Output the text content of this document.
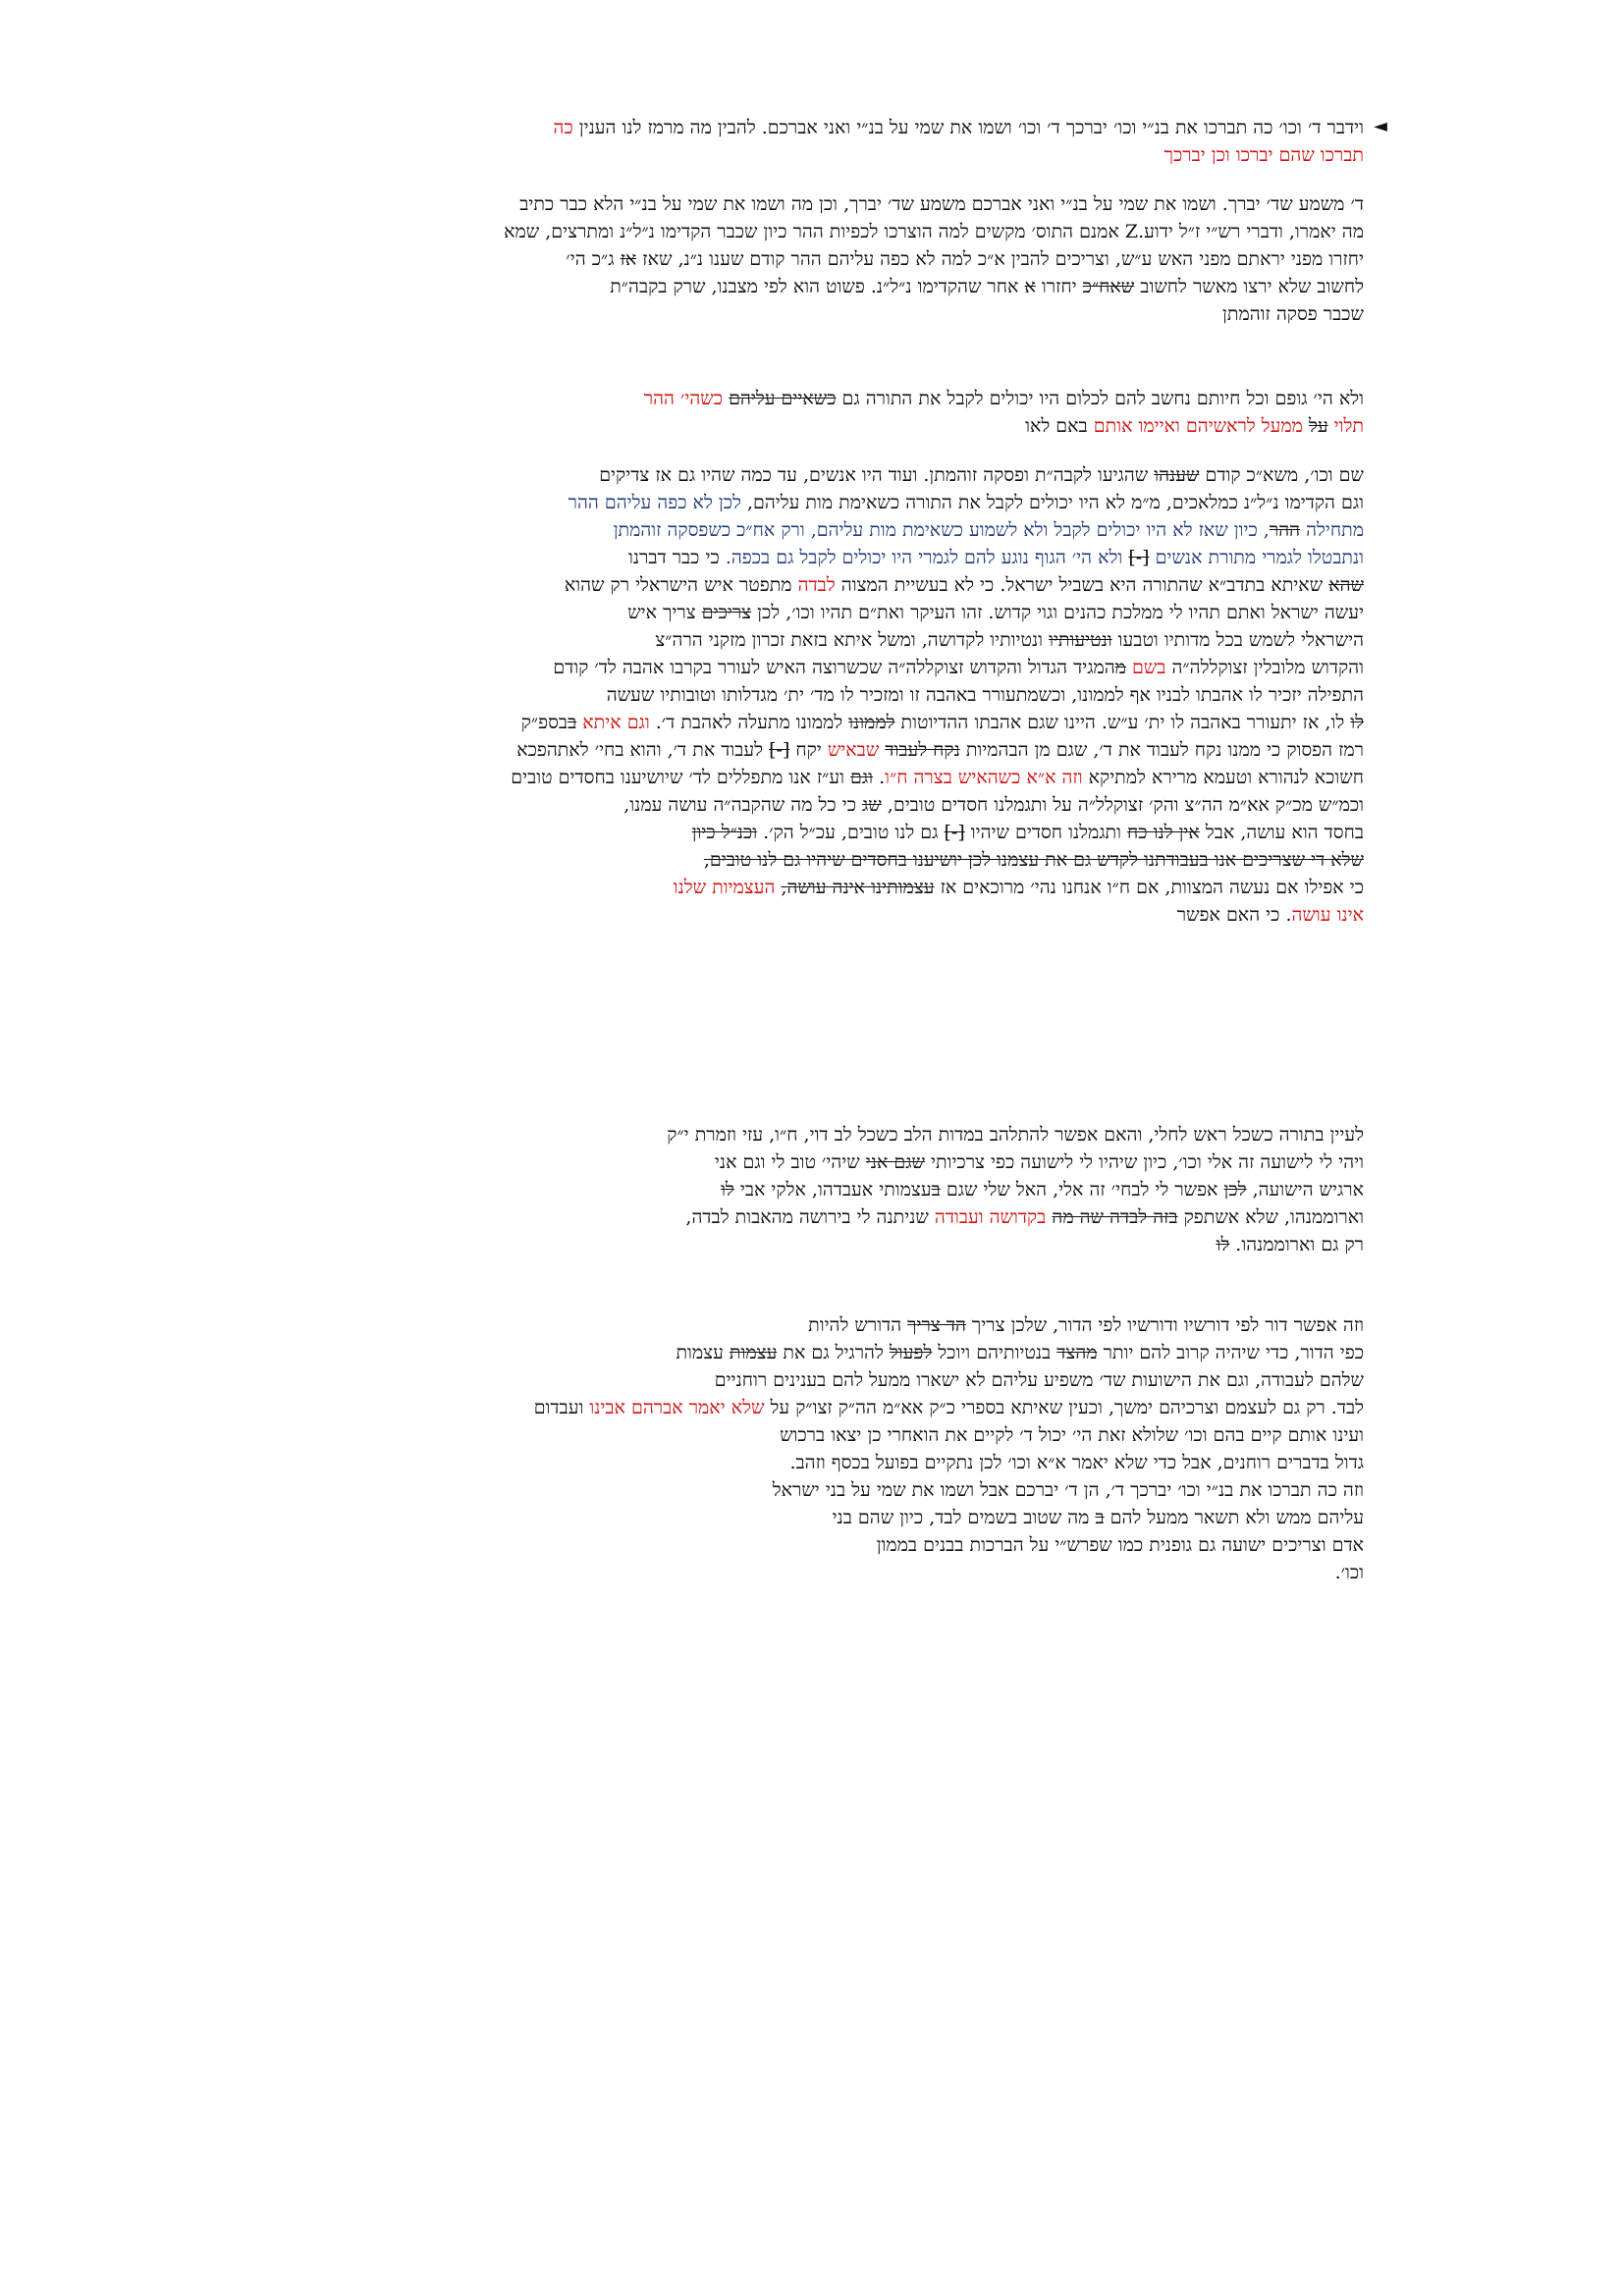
◄
וידבר ד׳ וכו׳ כה תברכו את בנ״י וכו׳ יברכך ד׳ וכו׳ ושמו את שמי על בנ״י ואני אברכם. להבין מה מרמז לנו הענין כה
תברכו שהם יברכו וכן יברכך
ד׳ משמע שד׳ יברך. ושמו את שמי על בנ״י ואני אברכם משמע שד׳ יברך, וכן מה ושמו את שמי על בנ״י הלא כבר כתיב
מה יאמרו, ודברי רש״י ז״ל ידוע.Z אמנם התוס׳ מקשים למה הוצרכו לכפיות ההר כיון שכבר הקדימו נ״ל״נ ומתרצים, שמא
יחזרו מפני יראתם מפני האש ע״ש, וצריכים להבין א״כ למה לא כפה עליהם ההר קודם שענו נ״נ, שאז אז ג״כ הי׳
לחשוב שלא ירצו מאשר לחשוב שאח״כ יחזרו א אחר שהקדימו נ״ל״נ. פשוט הוא לפי מצבנו, שרק בקבה״ת
שכבר פסקה זוהמתן
ולא הי׳ גופם וכל חיותם נחשב להם לכלום היו יכולים לקבל את התורה גם כשאיים עליהם כשהי׳ ההר
תלוי על ממעל לראשיהם ואיימו אותם באם לאו
שם וכו׳, משא״כ קודם שענהו שהגיעו לקבה״ת ופסקה זוהמתן. ועוד היו אנשים, עד כמה שהיו גם אז צדיקים
וגם הקדימו נ״ל״נ כמלאכים, מ״מ לא היו יכולים לקבל את התורה כשאימת מות עליהם, לכן לא כפה עליהם ההר
מתחילה ההר, כיון שאז לא היו יכולים לקבל ולא לשמוע כשאימת מות עליהם, ורק אח״כ כשפסקה זוהמתן
ונתבטלו לגמרי מתורת אנשים [-] ולא הי׳ הגוף נוגע להם לגמרי היו יכולים לקבל גם בכפה. כי כבר דברנו
שהא שאיתא בתדב״א שהתורה היא בשביל ישראל. כי לא בעשיית המצוה לבדה מתפטר איש הישראלי רק שהוא
יעשה ישראל ואתם תהיו לי ממלכת כהנים וגוי קדוש. זהו העיקר ואת״ם תהיו וכו׳, לכן צריכים צריך איש
הישראלי לשמש בכל מדותיו וטבעו ונטיעותיו ונטיותיו לקדושה, ומשל איתא בזאת זכרון מזקני הרה״צ
והקדוש מלובלין זצוקללה״ה בשם מהמגיד הגדול והקדוש זצוקללה״ה שכשרוצה האיש לעורר בקרבו אהבה לד׳ קודם
התפילה יזכיר לו אהבתו לבניו אף לממונו, וכשמתעורר באהבה זו ומזכיר לו מד׳ ית׳ מגדלותו וטובותיו שעשה
לו לו, אז יתעורר באהבה לו ית׳ ע״ש. היינו שגם אהבתו ההדיוטות לממונו לממונו מתעלה לאהבת ד׳. וגם איתא בבספ״ק
רמז הפסוק כי ממנו נקח לעבוד את ד׳, שגם מן הבהמיות נקח לעבוד שבאיש יקח [-] לעבוד את ד׳, והוא בחי׳ לאתהפכא
חשוכא לנהורא וטעמא מרירא למתיקא וזה א״א כשהאיש בצרה ח״ו. וגם וע״ז אנו מתפללים לד׳ שיושיענו בחסדים טובים
וכמ״ש מכ״ק אא״מ הה״צ והק׳ זצוקלל״ה על ותגמלנו חסדים טובים, שג כי כל מה שהקבה״ה עושה עמנו,
בחסד הוא עושה, אבל אין לנו כח ותגמלנו חסדים שיהיו [-] גם לנו טובים, עכ״ל הק׳. וכנ״ל כיון
שלא די שצריכים אנו בעבודתנו לקדש גם את עצמנו לכן יושיענו בחסדים שיהיו גם לנו טובים,
כי אפילו אם נעשה המצוות, אם ח״ו אנחנו נהי׳ מרוכאים אז עצמותינו אינה עושה, העצמיות שלנו
אינו עושה. כי האם אפשר
לעיין בתורה כשכל ראש לחלי, והאם אפשר להתלהב במדות הלב כשכל לב דוי, ח״ו, עזי וזמרת י״ק
ויהי לי לישועה זה אלי וכו׳, כיון שיהיו לי לישועה כפי צרכיותי שגם אני שיהי׳ טוב לי וגם אני
ארגיש הישועה, לכן אפשר לי לבחי׳ זה אלי, האל שלי שגם בעצמותי אעבדהו, אלקי אבי לו
וארוממנהו, שלא אשתפק בזה לבדה שה מה בקדושה ועבודה שניתנה לי בירושה מהאבות לבדה,
רק גם וארוממנהו. לו
וזה אפשר דור לפי דורשיו ודורשיו לפי הדור, שלכן צריך הד צריך הדורש להיות
כפי הדור, כדי שיהיה קרוב להם יותר מהצד בנטיותיהם ויוכל לפעול להרגיל גם את עצמות עצמות
שלהם לעבודה, וגם את הישועות שד׳ משפיע עליהם לא ישארו ממעל להם בענינים רוחניים
לבד. רק גם לעצמם וצרכיהם ימשך, וכעין שאיתא בספרי כ״ק אא״מ הה״ק זצו״ק על שלא יאמר אברהם אבינו ועבדום
ועינו אותם קיים בהם וכו׳ שלולא זאת הי׳ יכול ד׳ לקיים את הואחרי כן יצאו ברכוש
גדול בדברים רוחנים, אבל כדי שלא יאמר א״א וכו׳ לכן נתקיים בפועל בכסף וזהב.
וזה כה תברכו את בנ״י וכו׳ יברכך ד׳, הן ד׳ יברכם אבל ושמו את שמי על בני ישראל
עליהם ממש ולא תשאר ממעל להם ב מה שטוב בשמים לבד, כיון שהם בני
אדם וצריכים ישועה גם גופנית כמו שפרש״י על הברכות בבנים בממון
וכו׳.
